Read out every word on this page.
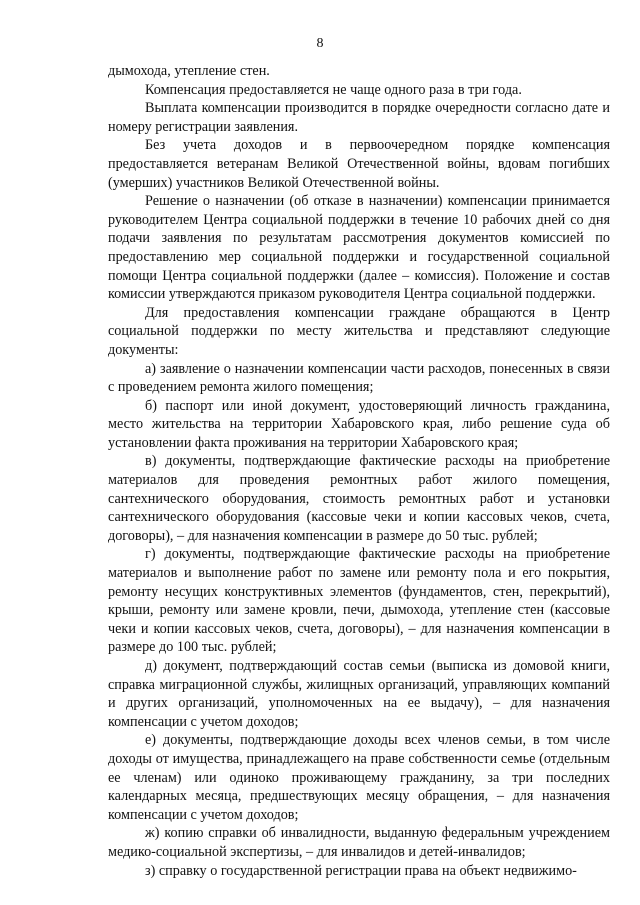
8

дымохода, утепление стен.

Компенсация предоставляется не чаще одного раза в три года.

Выплата компенсации производится в порядке очередности согласно дате и номеру регистрации заявления.

Без учета доходов и в первоочередном порядке компенсация предоставляется ветеранам Великой Отечественной войны, вдовам погибших (умерших) участников Великой Отечественной войны.

Решение о назначении (об отказе в назначении) компенсации принимается руководителем Центра социальной поддержки в течение 10 рабочих дней со дня подачи заявления по результатам рассмотрения документов комиссией по предоставлению мер социальной поддержки и государственной социальной помощи Центра социальной поддержки (далее – комиссия). Положение и состав комиссии утверждаются приказом руководителя Центра социальной поддержки.

Для предоставления компенсации граждане обращаются в Центр социальной поддержки по месту жительства и представляют следующие документы:

а) заявление о назначении компенсации части расходов, понесенных в связи с проведением ремонта жилого помещения;

б) паспорт или иной документ, удостоверяющий личность гражданина, место жительства на территории Хабаровского края, либо решение суда об установлении факта проживания на территории Хабаровского края;

в) документы, подтверждающие фактические расходы на приобретение материалов для проведения ремонтных работ жилого помещения, сантехнического оборудования, стоимость ремонтных работ и установки сантехнического оборудования (кассовые чеки и копии кассовых чеков, счета, договоры), – для назначения компенсации в размере до 50 тыс. рублей;

г) документы, подтверждающие фактические расходы на приобретение материалов и выполнение работ по замене или ремонту пола и его покрытия, ремонту несущих конструктивных элементов (фундаментов, стен, перекрытий), крыши, ремонту или замене кровли, печи, дымохода, утепление стен (кассовые чеки и копии кассовых чеков, счета, договоры), – для назначения компенсации в размере до 100 тыс. рублей;

д) документ, подтверждающий состав семьи (выписка из домовой книги, справка миграционной службы, жилищных организаций, управляющих компаний и других организаций, уполномоченных на ее выдачу), – для назначения компенсации с учетом доходов;

е) документы, подтверждающие доходы всех членов семьи, в том числе доходы от имущества, принадлежащего на праве собственности семье (отдельным ее членам) или одиноко проживающему гражданину, за три последних календарных месяца, предшествующих месяцу обращения, – для назначения компенсации с учетом доходов;

ж) копию справки об инвалидности, выданную федеральным учреждением медико-социальной экспертизы, – для инвалидов и детей-инвалидов;

з) справку о государственной регистрации права на объект недвижимо-
